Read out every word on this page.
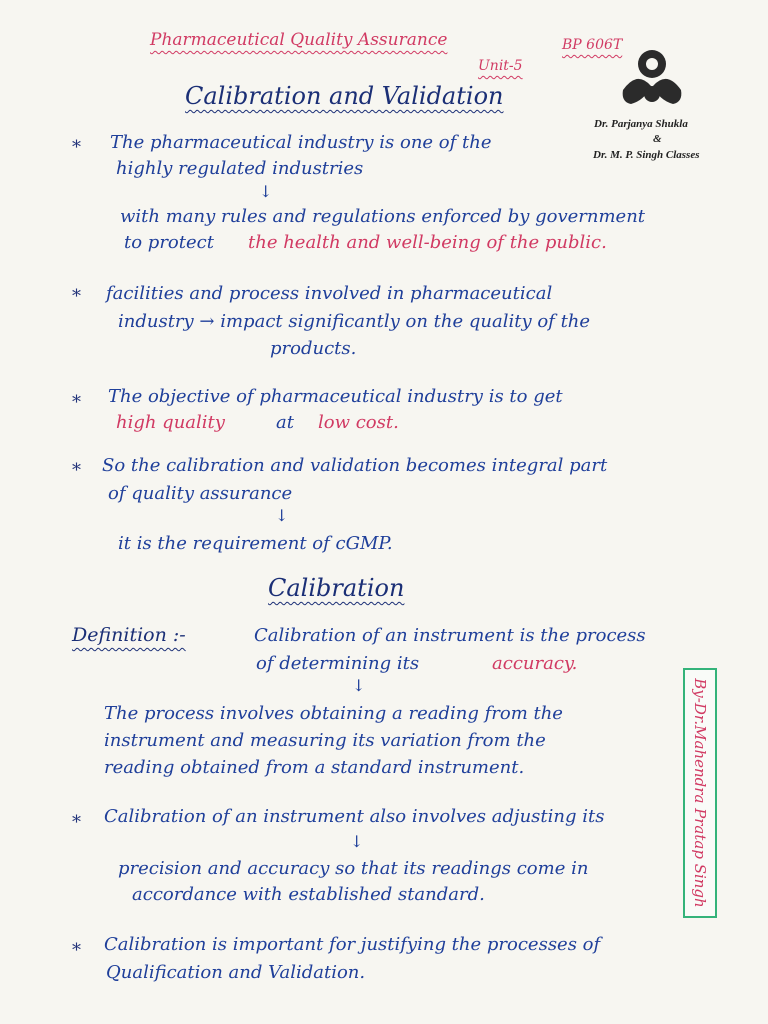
Pharmaceutical Quality Assurance	BP 606T
Unit-5
Calibration and Validation
Dr. Parjanya Shukla
&
Dr. M. P. Singh Classes
* The pharmaceutical industry is one of the
highly regulated industries
↓
with many rules and regulations enforced by government
to protect the health and well-being of the public.
* facilities and process involved in pharmaceutical
industry → impact significantly on the quality of the
products.
* The objective of pharmaceutical industry is to get
high quality	at low cost.
* So the calibration and validation becomes integral part
of quality assurance
↓
it is the requirement of cGMP.
Calibration
Definition :-	Calibration of an instrument is the process
of determining its	accuracy.
↓
The process involves obtaining a reading from the
instrument and measuring its variation from the
reading obtained from a standard instrument.
* Calibration of an instrument also involves adjusting its
↓
precision and accuracy so that its readings come in
accordance with established standard.
* Calibration is important for justifying the processes of
Qualification and Validation.
By-Dr.Mahendra Pratap Singh
